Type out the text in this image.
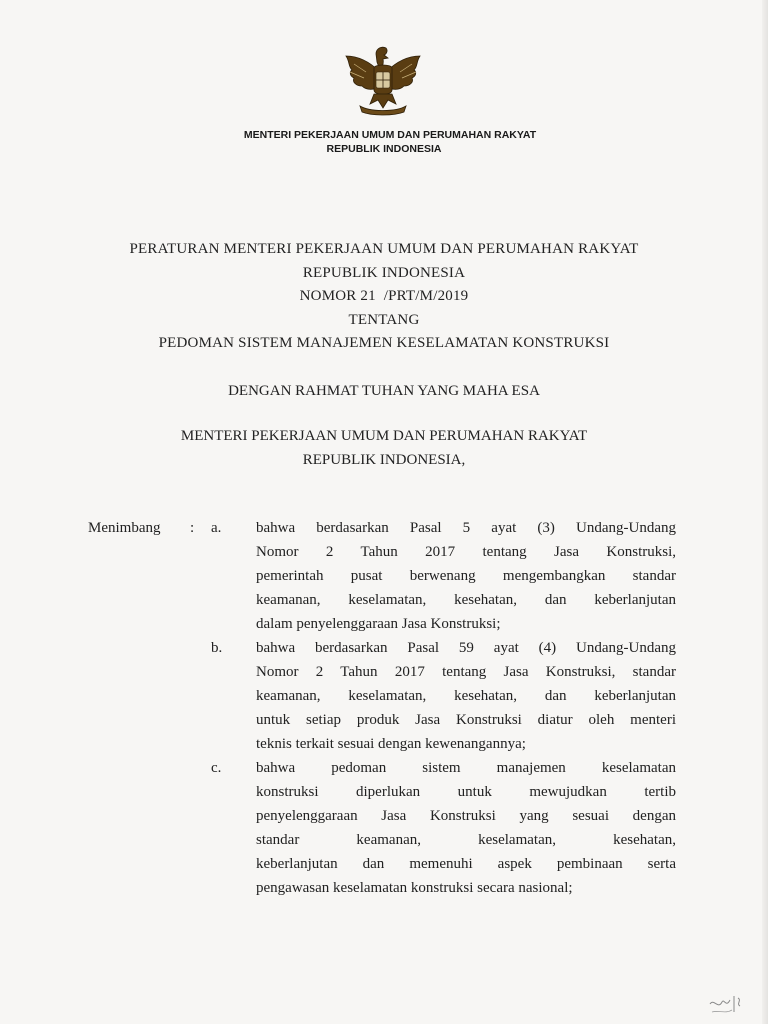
MENTERI PEKERJAAN UMUM DAN PERUMAHAN RAKYAT
REPUBLIK INDONESIA
PERATURAN MENTERI PEKERJAAN UMUM DAN PERUMAHAN RAKYAT
REPUBLIK INDONESIA
NOMOR 21  /PRT/M/2019
TENTANG
PEDOMAN SISTEM MANAJEMEN KESELAMATAN KONSTRUKSI
DENGAN RAHMAT TUHAN YANG MAHA ESA
MENTERI PEKERJAAN UMUM DAN PERUMAHAN RAKYAT
REPUBLIK INDONESIA,
Menimbang : a. bahwa berdasarkan Pasal 5 ayat (3) Undang-Undang
Nomor 2 Tahun 2017 tentang Jasa Konstruksi,
pemerintah pusat berwenang mengembangkan standar
keamanan, keselamatan, kesehatan, dan keberlanjutan
dalam penyelenggaraan Jasa Konstruksi;
b. bahwa berdasarkan Pasal 59 ayat (4) Undang-Undang
Nomor 2 Tahun 2017 tentang Jasa Konstruksi, standar
keamanan, keselamatan, kesehatan, dan keberlanjutan
untuk setiap produk Jasa Konstruksi diatur oleh menteri
teknis terkait sesuai dengan kewenangannya;
c. bahwa pedoman sistem manajemen keselamatan
konstruksi diperlukan untuk mewujudkan tertib
penyelenggaraan Jasa Konstruksi yang sesuai dengan
standar keamanan, keselamatan, kesehatan,
keberlanjutan dan memenuhi aspek pembinaan serta
pengawasan keselamatan konstruksi secara nasional;
